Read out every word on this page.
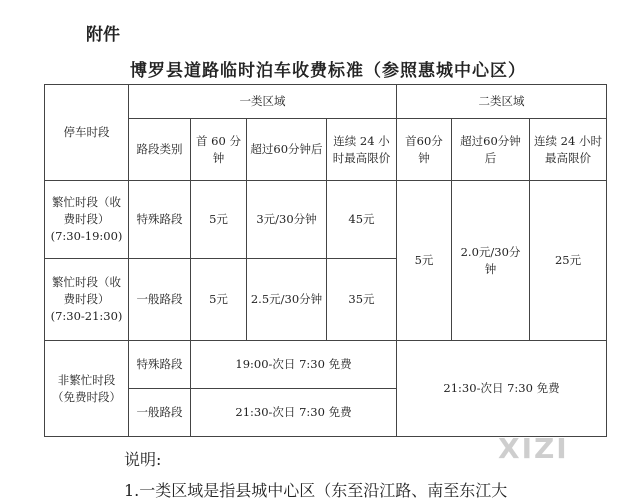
附件
博罗县道路临时泊车收费标准（参照惠城中心区）
停车时段	一类区域				二类区域		
	路段类别	首 60 分钟	超过60分钟后	连续 24 小时最高限价	首60分钟	超过60分钟后	连续 24 小时最高限价
繁忙时段（收费时段）(7:30-19:00)	特殊路段	5元	3元/30分钟	45元	5元	2.0元/30分钟	25元
繁忙时段（收费时段）(7:30-21:30)	一般路段	5元	2.5元/30分钟	35元			
非繁忙时段（免费时段）	特殊路段	19:00-次日 7:30 免费			21:30-次日 7:30 免费		
	一般路段	21:30-次日 7:30 免费					
说明:
1.一类区域是指县城中心区（东至沿江路、南至东江大
XIZI
